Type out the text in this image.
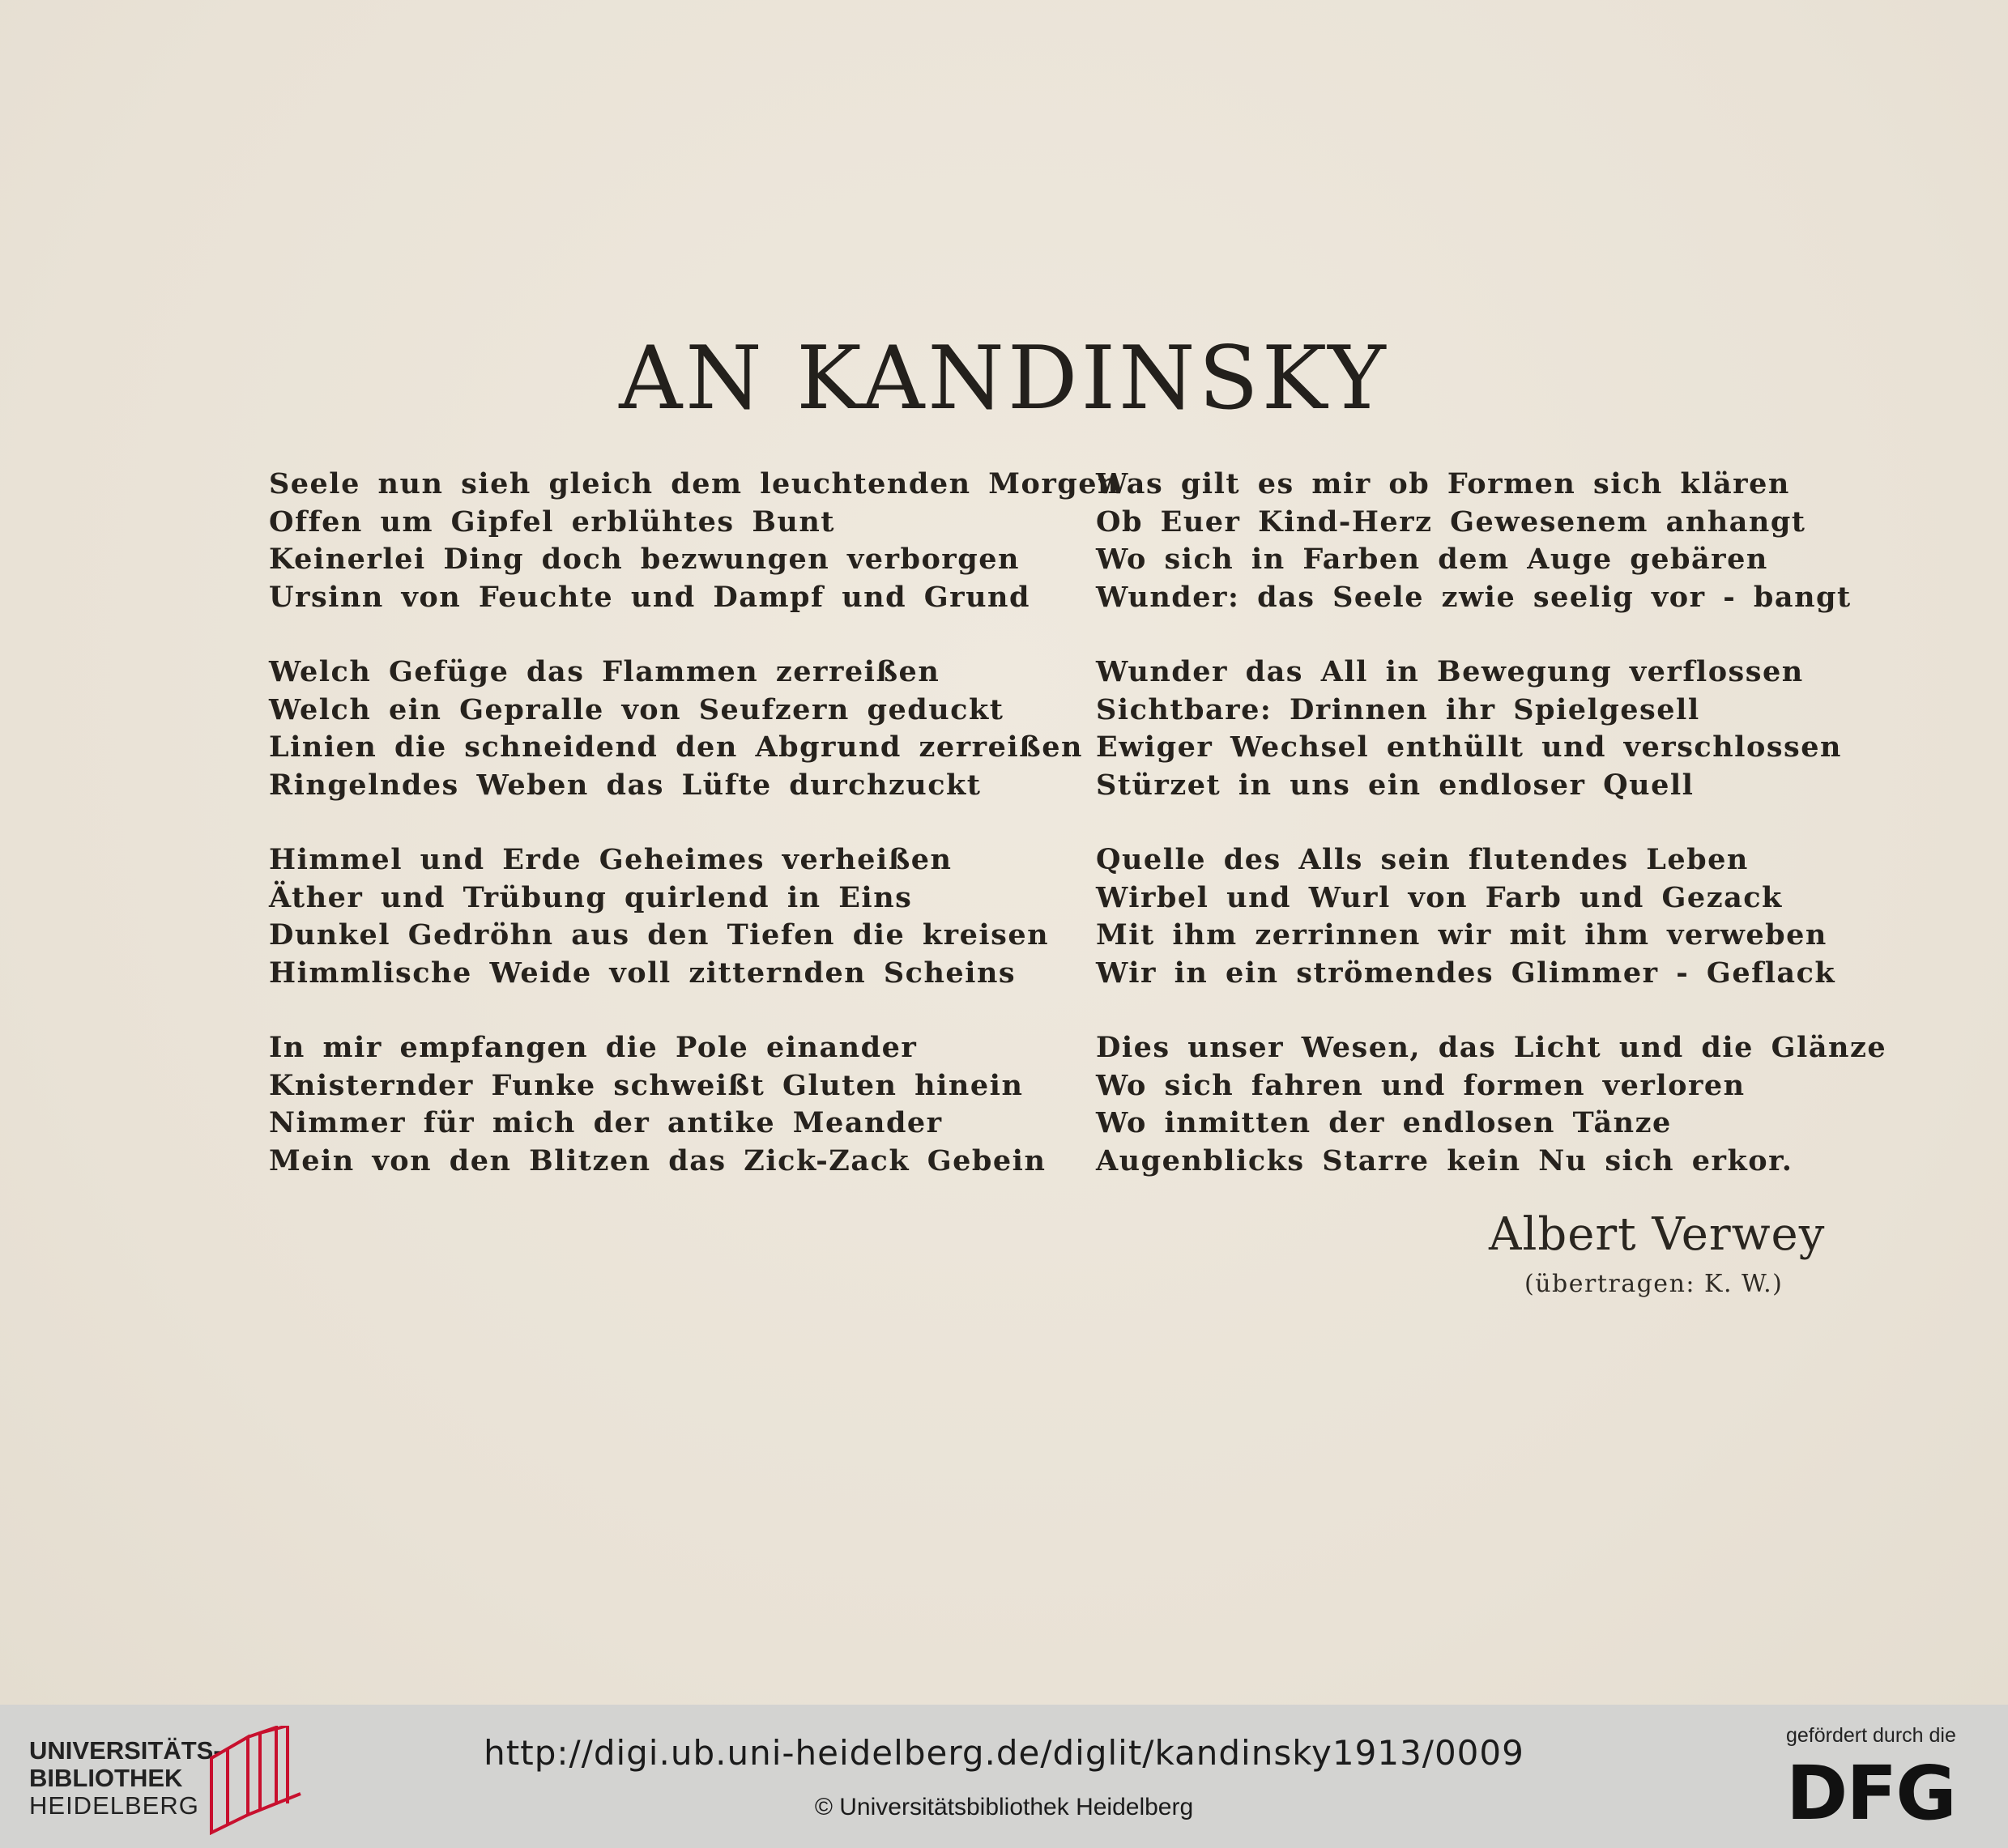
AN KANDINSKY
Seele nun sieh gleich dem leuchtenden Morgen
Offen um Gipfel erblühtes Bunt
Keinerlei Ding doch bezwungen verborgen
Ursinn von Feuchte und Dampf und Grund
Welch Gefüge das Flammen zerreißen
Welch ein Gepralle von Seufzern geduckt
Linien die schneidend den Abgrund zerreißen
Ringelndes Weben das Lüfte durchzuckt
Himmel und Erde Geheimes verheißen
Äther und Trübung quirlend in Eins
Dunkel Gedröhn aus den Tiefen die kreisen
Himmlische Weide voll zitternden Scheins
In mir empfangen die Pole einander
Knisternder Funke schweißt Gluten hinein
Nimmer für mich der antike Meander
Mein von den Blitzen das Zick-Zack Gebein
Was gilt es mir ob Formen sich klären
Ob Euer Kind-Herz Gewesenem anhangt
Wo sich in Farben dem Auge gebären
Wunder: das Seele zwie seelig vor - bangt
Wunder das All in Bewegung verflossen
Sichtbare: Drinnen ihr Spielgesell
Ewiger Wechsel enthüllt und verschlossen
Stürzet in uns ein endloser Quell
Quelle des Alls sein flutendes Leben
Wirbel und Wurl von Farb und Gezack
Mit ihm zerrinnen wir mit ihm verweben
Wir in ein strömendes Glimmer - Geflack
Dies unser Wesen, das Licht und die Glänze
Wo sich fahren und formen verloren
Wo inmitten der endlosen Tänze
Augenblicks Starre kein Nu sich erkor.
Albert Verwey
(übertragen: K. W.)
UNIVERSITÄTS-
BIBLIOTHEK
HEIDELBERG
http://digi.ub.uni-heidelberg.de/diglit/kandinsky1913/0009
© Universitätsbibliothek Heidelberg
gefördert durch die
DFG
